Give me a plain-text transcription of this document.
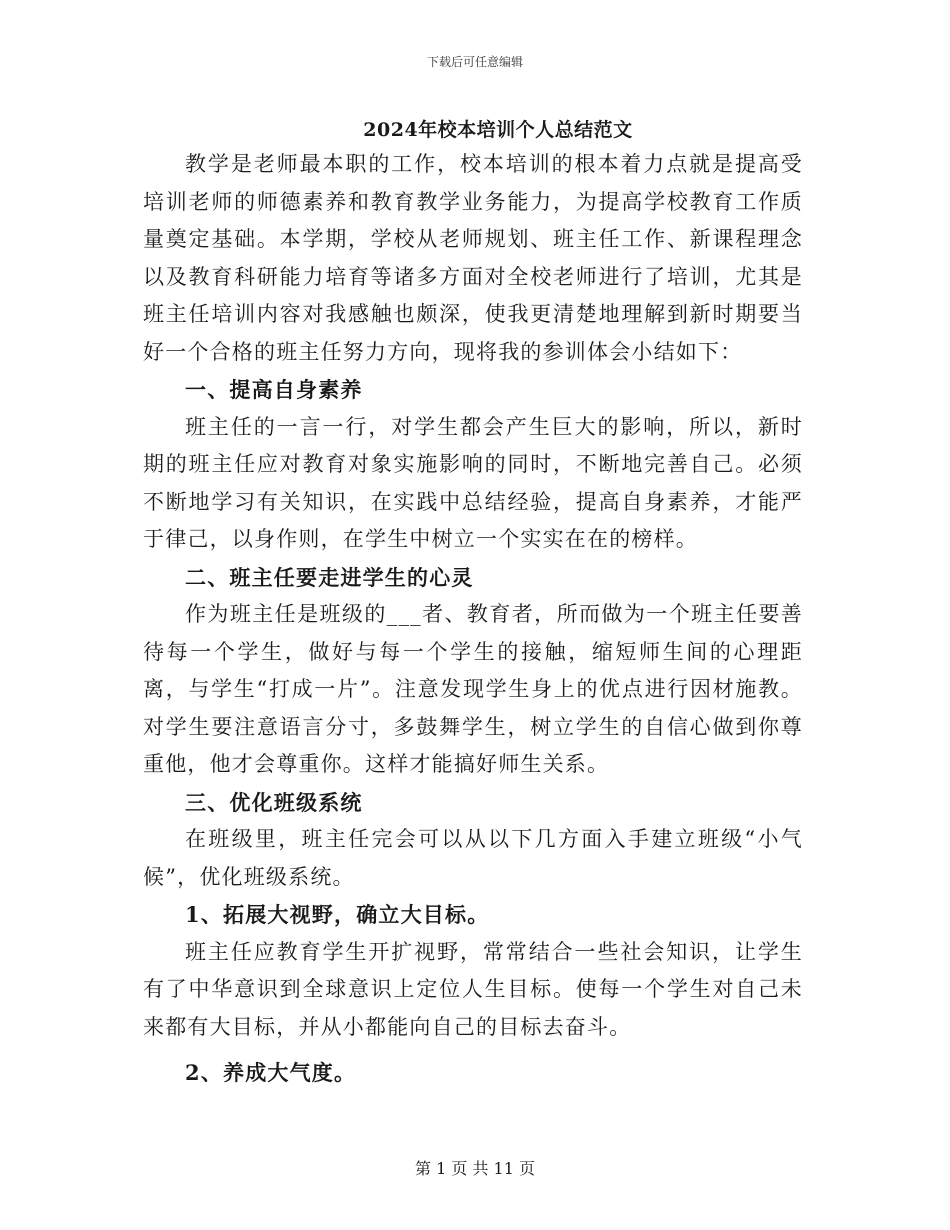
下载后可任意编辑
2024年校本培训个人总结范文

教学是老师最本职的工作，校本培训的根本着力点就是提高受培训老师的师德素养和教育教学业务能力，为提高学校教育工作质量奠定基础。本学期，学校从老师规划、班主任工作、新课程理念以及教育科研能力培育等诸多方面对全校老师进行了培训，尤其是班主任培训内容对我感触也颇深，使我更清楚地理解到新时期要当好一个合格的班主任努力方向，现将我的参训体会小结如下：

一、提高自身素养

班主任的一言一行，对学生都会产生巨大的影响，所以，新时期的班主任应对教育对象实施影响的同时，不断地完善自己。必须不断地学习有关知识，在实践中总结经验，提高自身素养，才能严于律己，以身作则，在学生中树立一个实实在在的榜样。

二、班主任要走进学生的心灵

作为班主任是班级的___者、教育者，所而做为一个班主任要善待每一个学生，做好与每一个学生的接触，缩短师生间的心理距离，与学生“打成一片”。注意发现学生身上的优点进行因材施教。对学生要注意语言分寸，多鼓舞学生，树立学生的自信心做到你尊重他，他才会尊重你。这样才能搞好师生关系。

三、优化班级系统

在班级里，班主任完会可以从以下几方面入手建立班级“小气候”，优化班级系统。

1、拓展大视野，确立大目标。

班主任应教育学生开扩视野，常常结合一些社会知识，让学生有了中华意识到全球意识上定位人生目标。使每一个学生对自己未来都有大目标，并从小都能向自己的目标去奋斗。

2、养成大气度。
第 1 页 共 11 页
